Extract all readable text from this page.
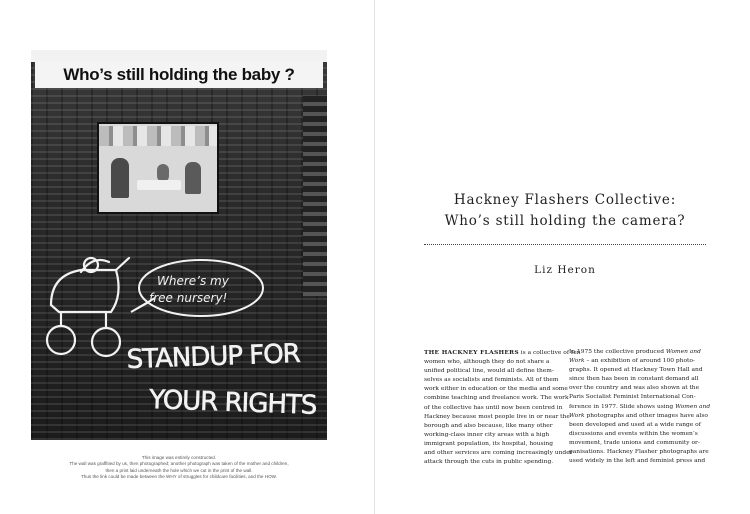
Who’s still holding the baby ?
Where’s my
free nursery!
STANDUP FOR
YOUR RIGHTS
This image was entirely constructed.
The wall was graffitied by us, then photographed; another photograph was taken of the mother and children,
then a print laid underneath the hole which we cut in the print of the wall.
Thus the link could be made between the WHY of struggles for childcare facilities, and the HOW.
Hackney Flashers Collective:
Who’s still holding the camera?
Liz Heron
THE HACKNEY FLASHERS is a collective of ten
women who, although they do not share a
unified political line, would all define them-
selves as socialists and feminists. All of them
work either in education or the media and some
combine teaching and freelance work. The work
of the collective has until now been centred in
Hackney because most people live in or near the
borough and also because, like many other
working-class inner city areas with a high
immigrant population, its hospital, housing
and other services are coming increasingly under
attack through the cuts in public spending.
In 1975 the collective produced Women and
Work – an exhibition of around 100 photo-
graphs. It opened at Hackney Town Hall and
since then has been in constant demand all
over the country and was also shown at the
Paris Socialist Feminist International Con-
ference in 1977. Slide shows using Women and
Work photographs and other images have also
been developed and used at a wide range of
discussions and events within the women’s
movement, trade unions and community or-
ganisations. Hackney Flasher photographs are
used widely in the left and feminist press and
